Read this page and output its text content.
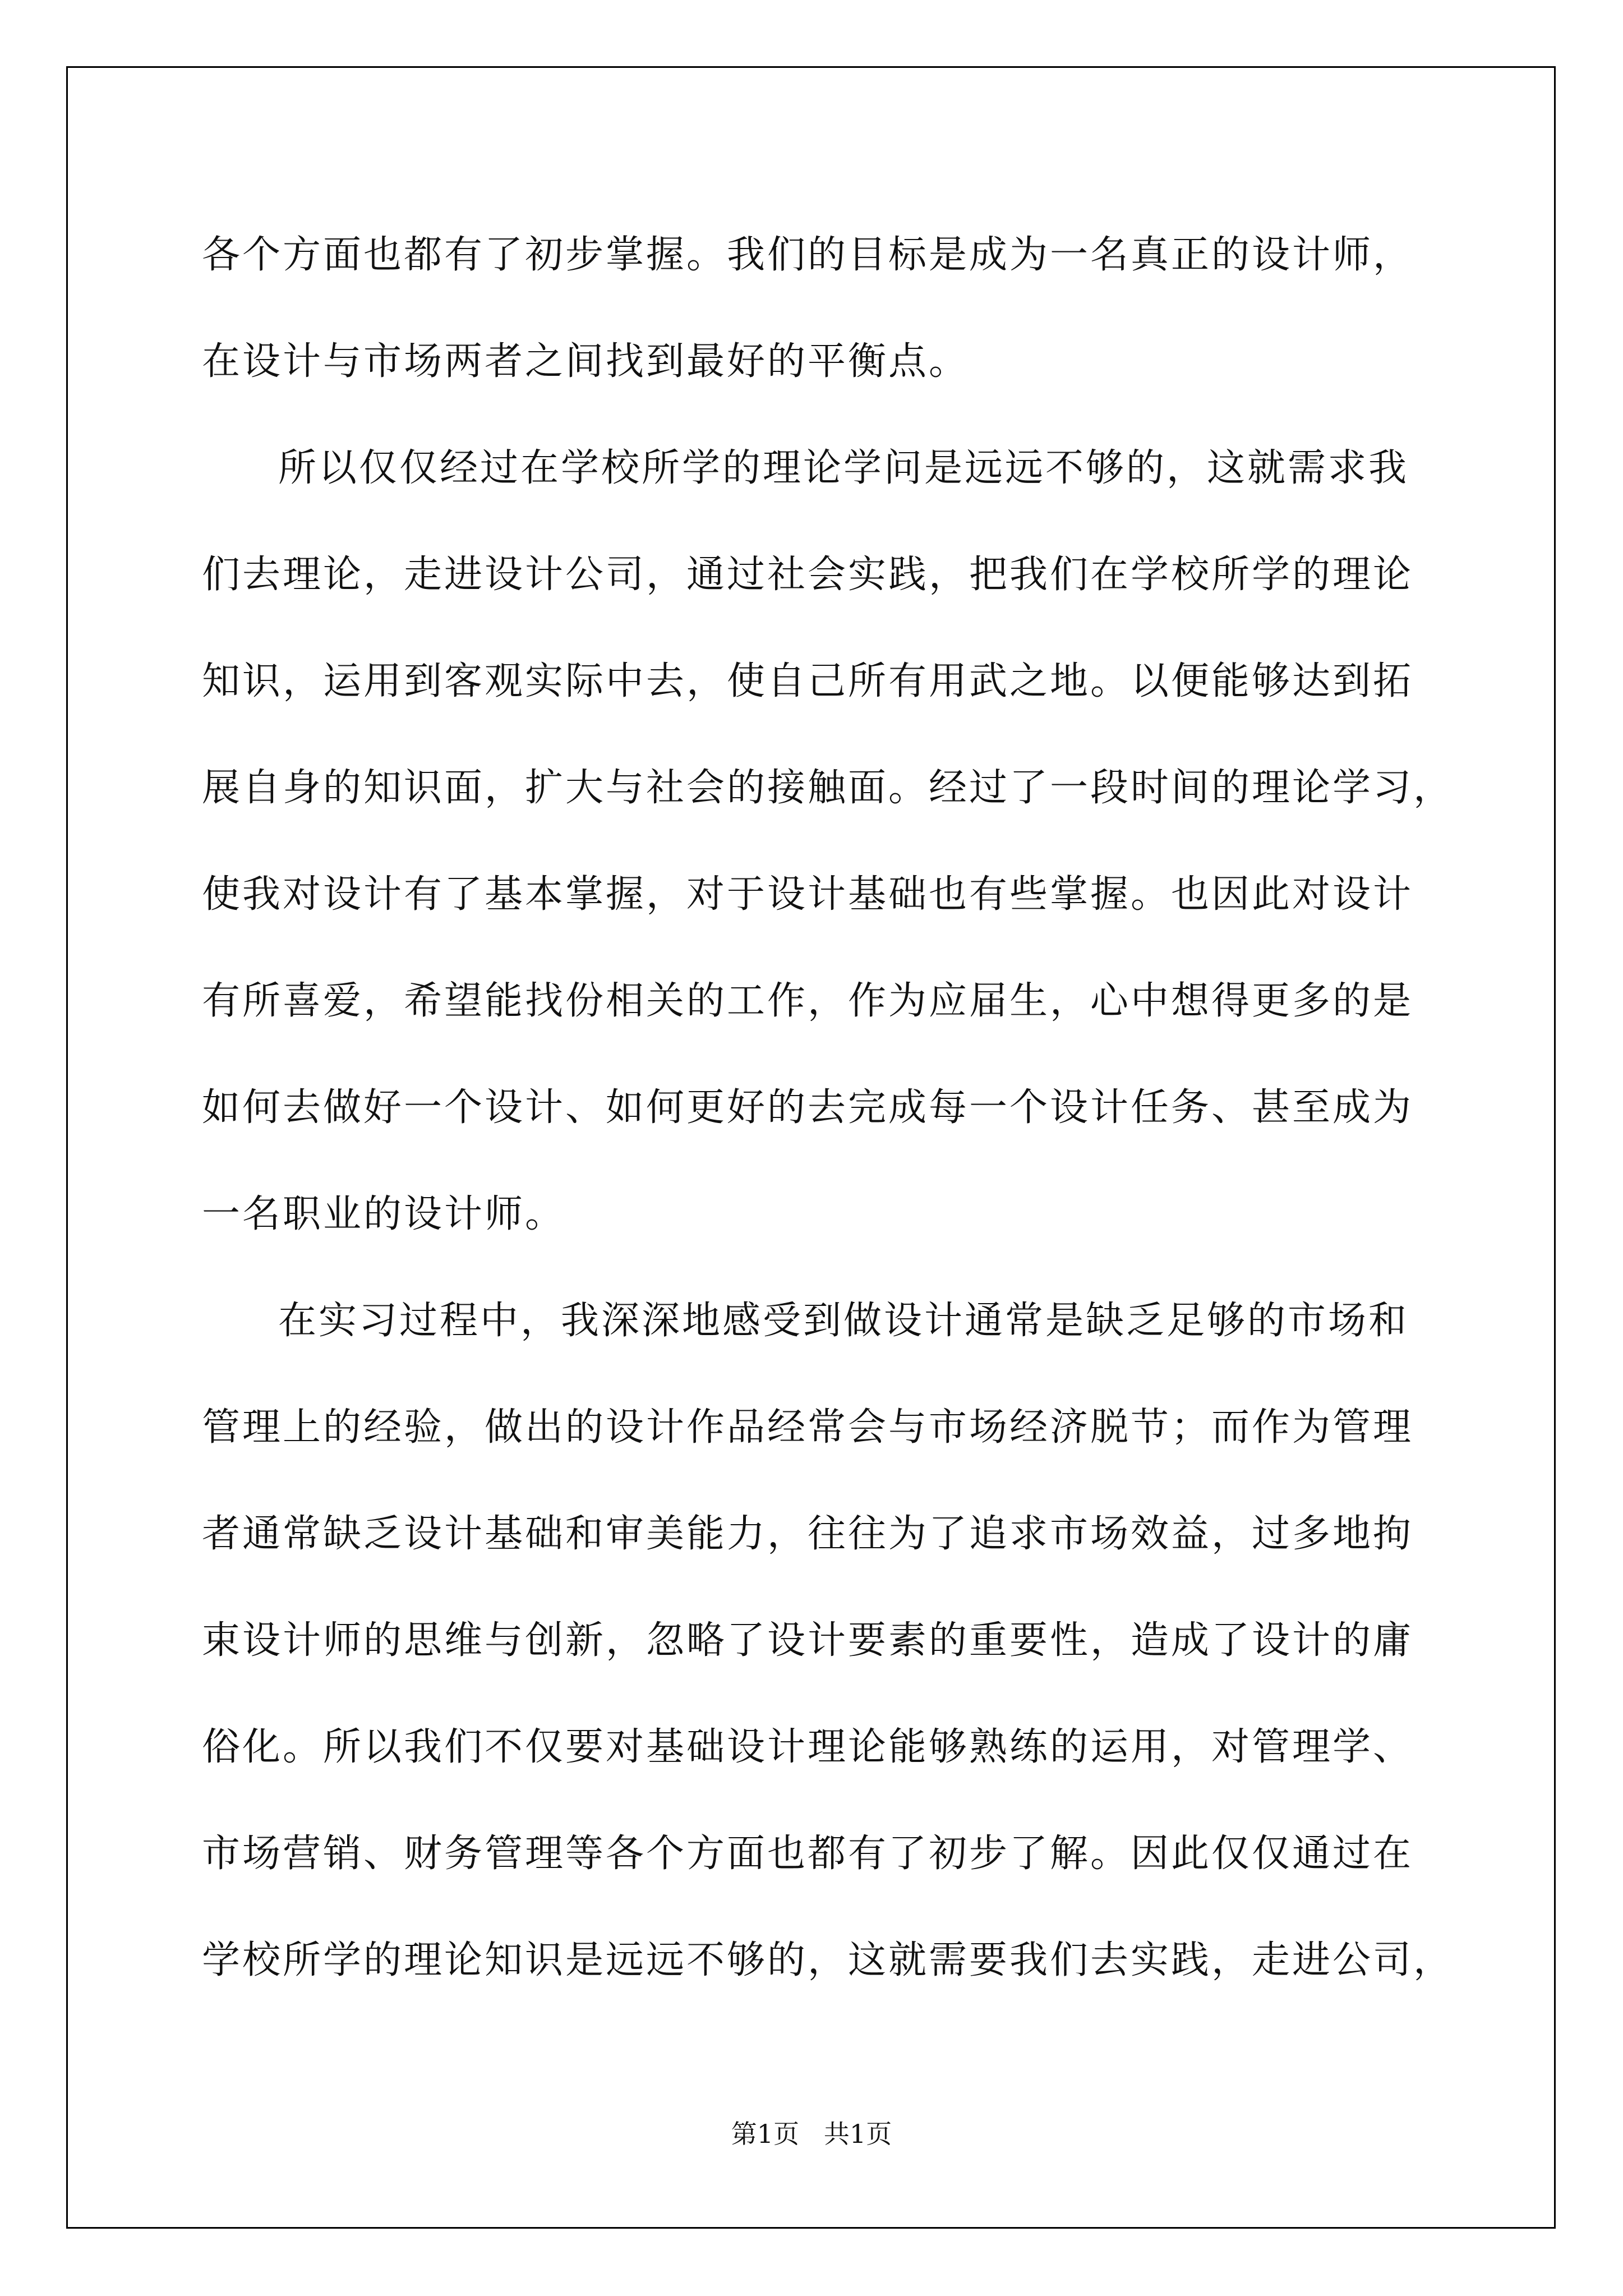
各个方面也都有了初步掌握。我们的目标是成为一名真正的设计师，

在设计与市场两者之间找到最好的平衡点。

所以仅仅经过在学校所学的理论学问是远远不够的，这就需求我

们去理论，走进设计公司，通过社会实践，把我们在学校所学的理论

知识，运用到客观实际中去，使自己所有用武之地。以便能够达到拓

展自身的知识面，扩大与社会的接触面。经过了一段时间的理论学习，

使我对设计有了基本掌握，对于设计基础也有些掌握。也因此对设计

有所喜爱，希望能找份相关的工作，作为应届生，心中想得更多的是

如何去做好一个设计、如何更好的去完成每一个设计任务、甚至成为

一名职业的设计师。

在实习过程中，我深深地感受到做设计通常是缺乏足够的市场和

管理上的经验，做出的设计作品经常会与市场经济脱节；而作为管理

者通常缺乏设计基础和审美能力，往往为了追求市场效益，过多地拘

束设计师的思维与创新，忽略了设计要素的重要性，造成了设计的庸

俗化。所以我们不仅要对基础设计理论能够熟练的运用，对管理学、

市场营销、财务管理等各个方面也都有了初步了解。因此仅仅通过在

学校所学的理论知识是远远不够的，这就需要我们去实践，走进公司，

第1页   共1页
